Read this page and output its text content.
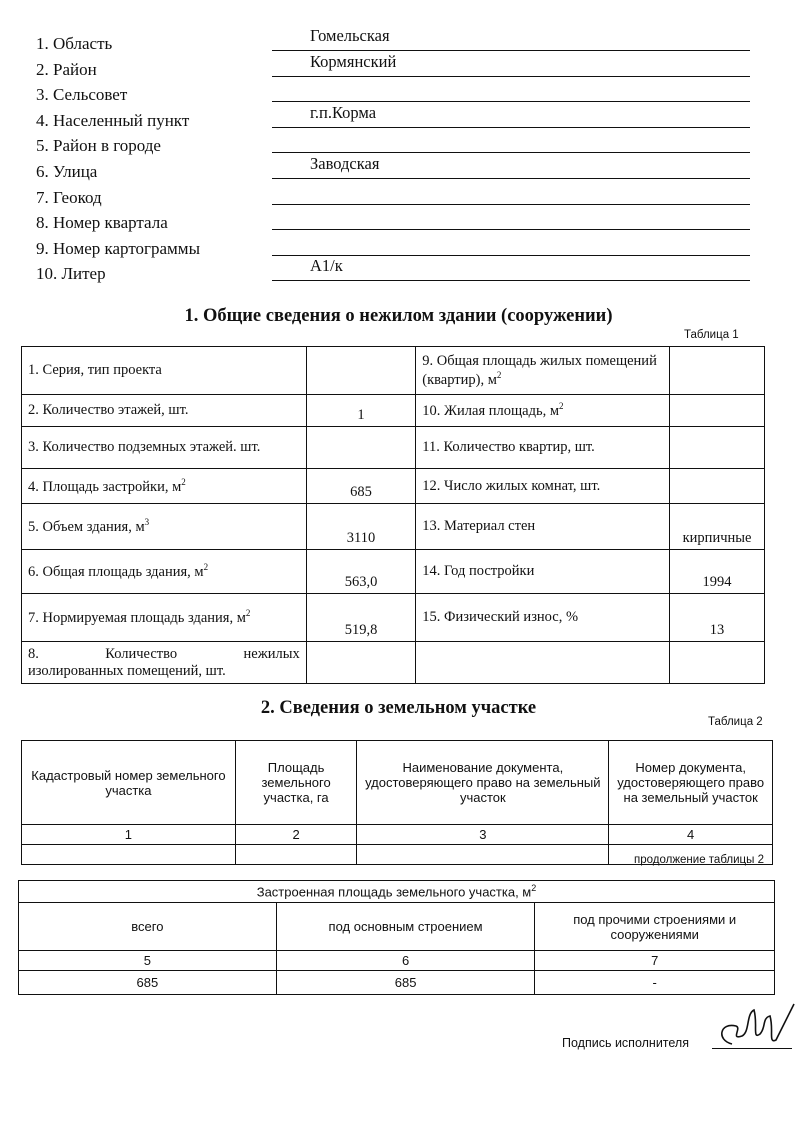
1. Область	Гомельская
2. Район	Кормянский
3. Сельсовет
4. Населенный пункт	г.п.Корма
5. Район в городе
6. Улица	Заводская
7. Геокод
8. Номер квартала
9. Номер картограммы
10. Литер	А1/к
1. Общие сведения о нежилом здании (сооружении)
Таблица 1
1. Серия, тип проекта		9. Общая площадь жилых помещений (квартир), $м^2$	
2. Количество этажей, шт.	1	10. Жилая площадь, $м^2$	
3. Количество подземных этажей. шт.		11. Количество квартир, шт.	
4. Площадь застройки, $м^2$	685	12. Число жилых комнат, шт.	
5. Объем здания, $м^3$	3110	13. Материал стен	кирпичные
6. Общая площадь здания, $м^2$	563,0	14. Год постройки	1994
7. Нормируемая площадь здания, $м^2$	519,8	15. Физический износ, %	13

8. Количество нежилых
изолированных помещений, шт.			

2. Сведения о земельном участке
Таблица 2
Кадастровый номер земельного участка	Площадь земельного участка, га	Наименование документа, удостоверяющего право на земельный участок	Номер документа, удостоверяющего право на земельный участок
1	2	3	4

продолжение таблицы 2
Застроенная площадь земельного участка, $м^2$
всего	под основным строением	под прочими строениями и сооружениями
5	6	7
685	685	-
Подпись исполнителя
